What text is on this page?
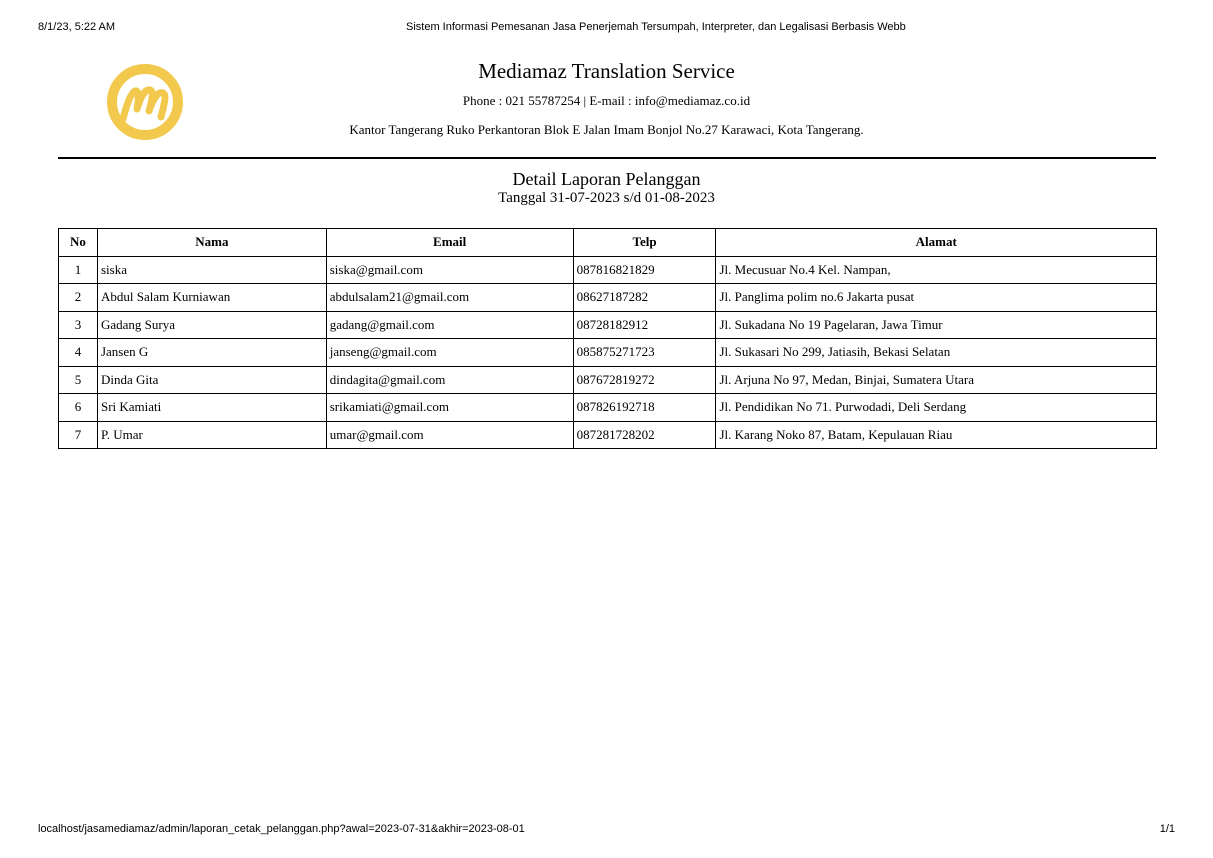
8/1/23, 5:22 AM	Sistem Informasi Pemesanan Jasa Penerjemah Tersumpah, Interpreter, dan Legalisasi Berbasis Webb
Mediamaz Translation Service
Phone : 021 55787254 | E-mail : info@mediamaz.co.id
Kantor Tangerang Ruko Perkantoran Blok E Jalan Imam Bonjol No.27 Karawaci, Kota Tangerang.
Detail Laporan Pelanggan
Tanggal 31-07-2023 s/d 01-08-2023
No	Nama	Email	Telp	Alamat
1	siska	siska@gmail.com	087816821829	Jl. Mecusuar No.4 Kel. Nampan,
2	Abdul Salam Kurniawan	abdulsalam21@gmail.com	08627187282	Jl. Panglima polim no.6 Jakarta pusat
3	Gadang Surya	gadang@gmail.com	08728182912	Jl. Sukadana No 19 Pagelaran, Jawa Timur
4	Jansen G	janseng@gmail.com	085875271723	Jl. Sukasari No 299, Jatiasih, Bekasi Selatan
5	Dinda Gita	dindagita@gmail.com	087672819272	Jl. Arjuna No 97, Medan, Binjai, Sumatera Utara
6	Sri Kamiati	srikamiati@gmail.com	087826192718	Jl. Pendidikan No 71. Purwodadi, Deli Serdang
7	P. Umar	umar@gmail.com	087281728202	Jl. Karang Noko 87, Batam, Kepulauan Riau
localhost/jasamediamaz/admin/laporan_cetak_pelanggan.php?awal=2023-07-31&akhir=2023-08-01	1/1
